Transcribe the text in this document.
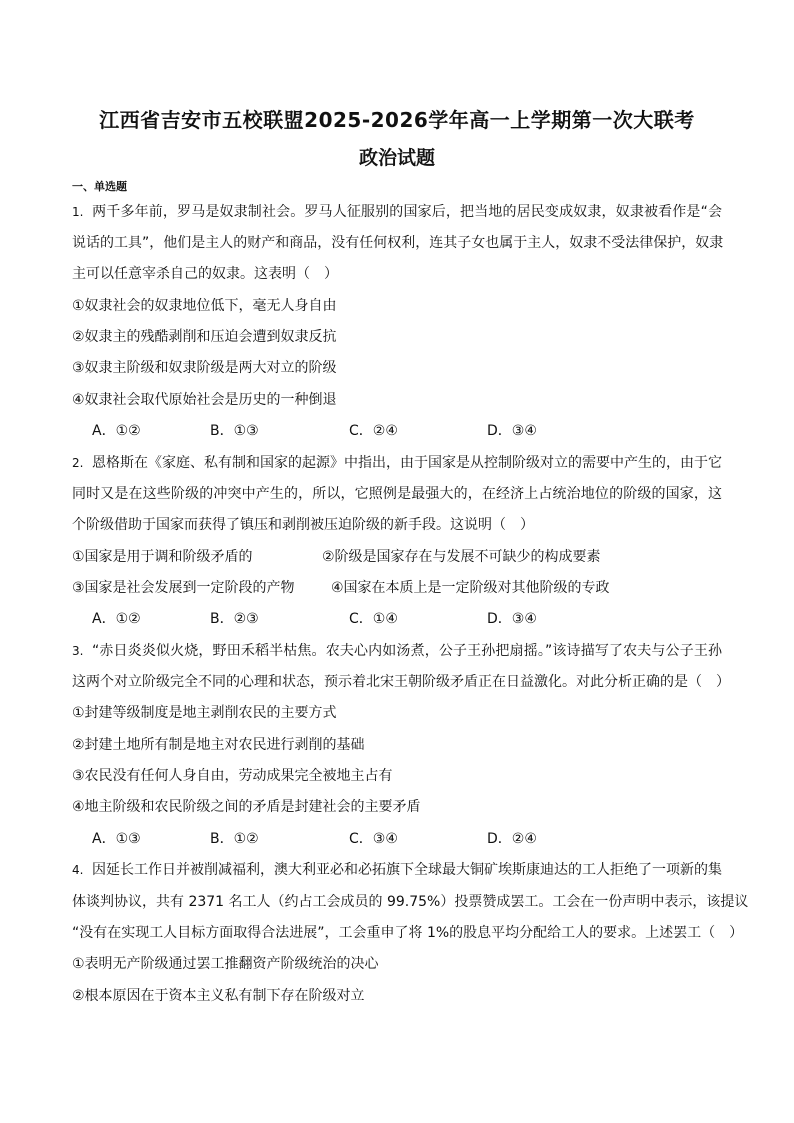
江西省吉安市五校联盟2025-2026学年高一上学期第一次大联考
政治试题
一、单选题
1. 两千多年前，罗马是奴隶制社会。罗马人征服别的国家后，把当地的居民变成奴隶，奴隶被看作是“会
说话的工具”，他们是主人的财产和商品，没有任何权利，连其子女也属于主人，奴隶不受法律保护，奴隶
主可以任意宰杀自己的奴隶。这表明（　）
①奴隶社会的奴隶地位低下，毫无人身自由
②奴隶主的残酷剥削和压迫会遭到奴隶反抗
③奴隶主阶级和奴隶阶级是两大对立的阶级
④奴隶社会取代原始社会是历史的一种倒退
A．①②	B．①③	C．②④	D．③④
2. 恩格斯在《家庭、私有制和国家的起源》中指出，由于国家是从控制阶级对立的需要中产生的，由于它
同时又是在这些阶级的冲突中产生的，所以，它照例是最强大的，在经济上占统治地位的阶级的国家，这
个阶级借助于国家而获得了镇压和剥削被压迫阶级的新手段。这说明（　）
①国家是用于调和阶级矛盾的	②阶级是国家存在与发展不可缺少的构成要素
③国家是社会发展到一定阶段的产物	④国家在本质上是一定阶级对其他阶级的专政
A．①②	B．②③	C．①④	D．③④
3. “赤日炎炎似火烧，野田禾稻半枯焦。农夫心内如汤煮，公子王孙把扇摇。”该诗描写了农夫与公子王孙
这两个对立阶级完全不同的心理和状态，预示着北宋王朝阶级矛盾正在日益激化。对此分析正确的是（　）
①封建等级制度是地主剥削农民的主要方式
②封建土地所有制是地主对农民进行剥削的基础
③农民没有任何人身自由，劳动成果完全被地主占有
④地主阶级和农民阶级之间的矛盾是封建社会的主要矛盾
A．①③	B．①②	C．③④	D．②④
4. 因延长工作日并被削减福利，澳大利亚必和必拓旗下全球最大铜矿埃斯康迪达的工人拒绝了一项新的集
体谈判协议，共有 2371 名工人（约占工会成员的 99.75%）投票赞成罢工。工会在一份声明中表示，该提议
“没有在实现工人目标方面取得合法进展”，工会重申了将 1%的股息平均分配给工人的要求。上述罢工（　）
①表明无产阶级通过罢工推翻资产阶级统治的决心
②根本原因在于资本主义私有制下存在阶级对立
